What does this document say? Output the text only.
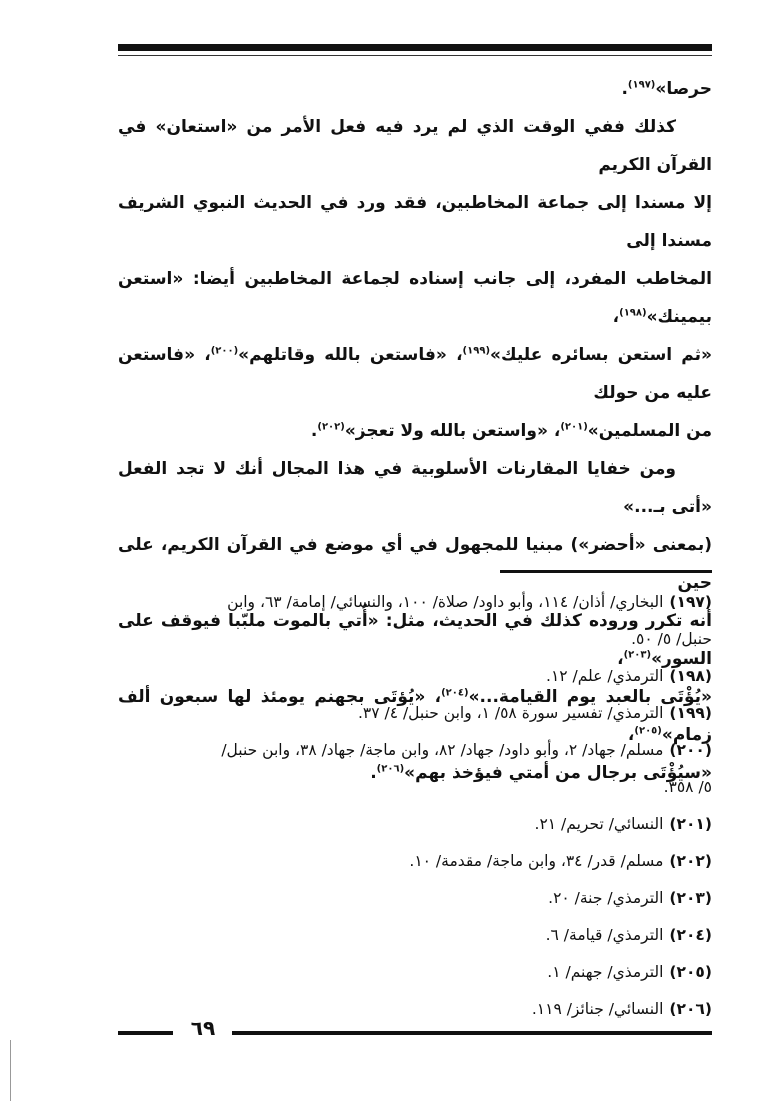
حرصا»$^{(١٩٧)}$.

كذلك ففي الوقت الذي لم يرد فيه فعل الأمر من «استعان» في القرآن الكريم

إلا مسندا إلى جماعة المخاطبين، فقد ورد في الحديث النبوي الشريف مسندا إلى

المخاطب المفرد، إلى جانب إسناده لجماعة المخاطبين أيضا: «استعن بيمينك»$^{(١٩٨)}$،

«ثم استعن بسائره عليك»$^{(١٩٩)}$، «فاستعن بالله وقاتلهم»$^{(٢٠٠)}$، «فاستعن عليه من حولك

من المسلمين»$^{(٢٠١)}$، «واستعن بالله ولا تعجز»$^{(٢٠٢)}$.

ومن خفايا المقارنات الأسلوبية في هذا المجال أنك لا تجد الفعل «أتى بـ...»

(بمعنى «أحضر») مبنيا للمجهول في أي موضع في القرآن الكريم، على حين

أنه تكرر وروده كذلك في الحديث، مثل: «أُتي بالموت ملبّبا فيوقف على السور»$^{(٢٠٣)}$،

«يُؤْتَى بالعبد يوم القيامة...»$^{(٢٠٤)}$، «يُؤتَى بجهنم يومئذ لها سبعون ألف زمام»$^{(٢٠٥)}$،

«سيُؤْتَى برجال من أمتي فيؤخذ بهم»$^{(٢٠٦)}$.

(١٩٧)البخاري/ أذان/ ١١٤، وأبو داود/ صلاة/ ١٠٠، والنسائي/ إمامة/ ٦٣، وابن

حنبل/ ٥/ ٥٠.

(١٩٨)الترمذي/ علم/ ١٢.

(١٩٩)الترمذي/ تفسير سورة ٥٨/ ١، وابن حنبل/ ٤/ ٣٧.

(٢٠٠)مسلم/ جهاد/ ٢، وأبو داود/ جهاد/ ٨٢، وابن ماجة/ جهاد/ ٣٨، وابن حنبل/

٥/ ٣٥٨.

(٢٠١)النسائي/ تحريم/ ٢١.

(٢٠٢)مسلم/ قدر/ ٣٤، وابن ماجة/ مقدمة/ ١٠.

(٢٠٣)الترمذي/ جنة/ ٢٠.

(٢٠٤)الترمذي/ قيامة/ ٦.

(٢٠٥)الترمذي/ جهنم/ ١.

(٢٠٦)النسائي/ جنائز/ ١١٩.

٦٩
